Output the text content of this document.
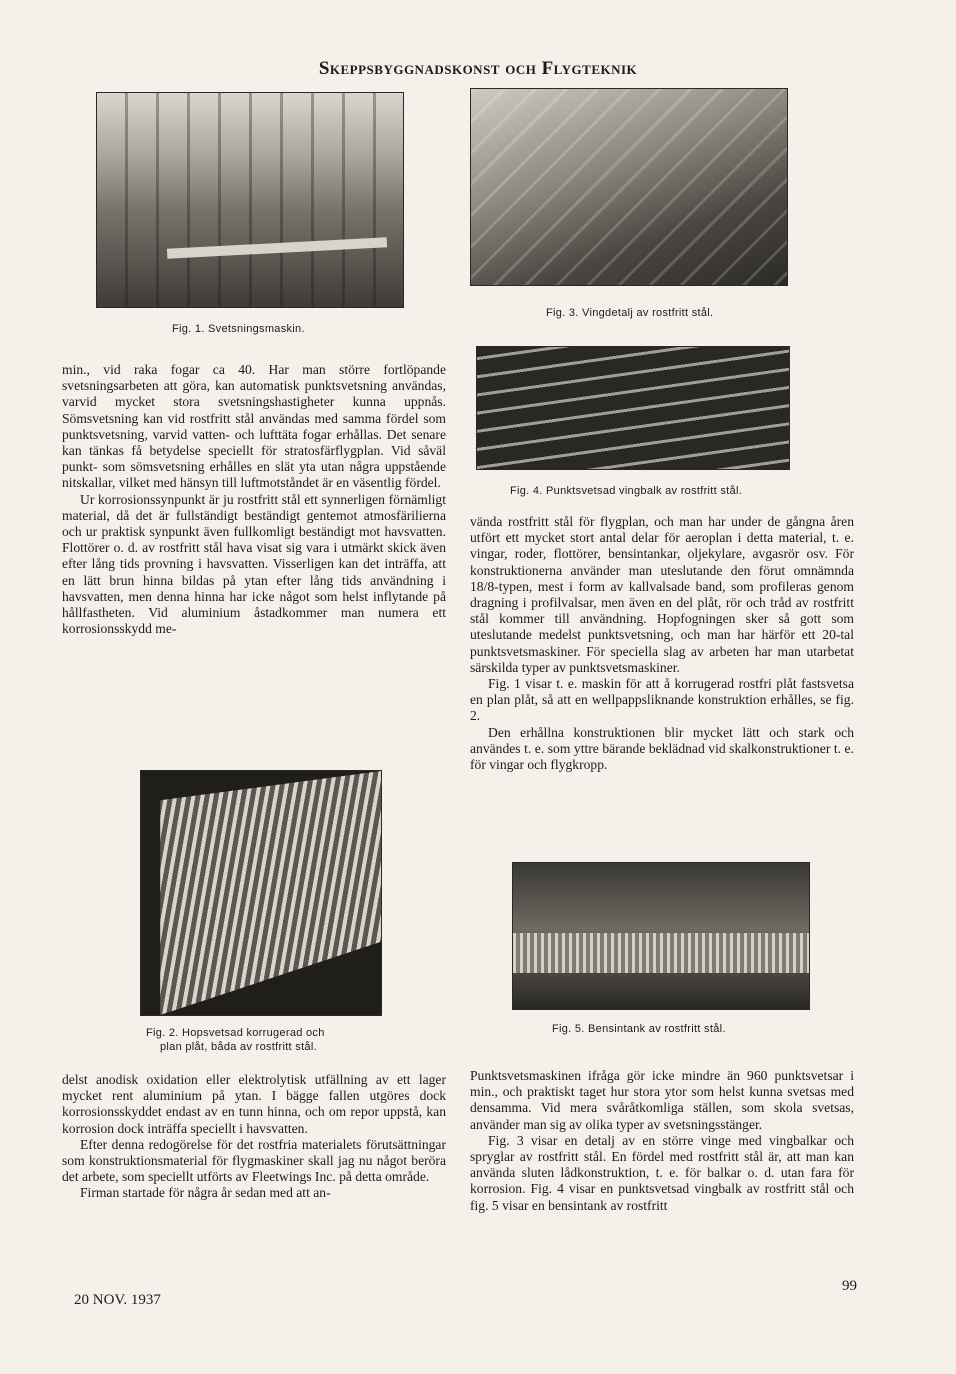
Skeppsbyggnadskonst och Flygteknik
Fig. 1. Svetsningsmaskin.
Fig. 3. Vingdetalj av rostfritt stål.
Fig. 4. Punktsvetsad vingbalk av rostfritt stål.

min., vid raka fogar ca 40. Har man större fortlöpande svetsningsarbeten att göra, kan automatisk punktsvetsning användas, varvid mycket stora svetsningshastigheter kunna uppnås. Sömsvetsning kan vid rostfritt stål användas med samma fördel som punktsvetsning, varvid vatten- och lufttäta fogar erhållas. Det senare kan tänkas få betydelse speciellt för stratosfärflygplan. Vid såväl punkt- som sömsvetsning erhålles en slät yta utan några uppstående nitskallar, vilket med hänsyn till luftmotståndet är en väsentlig fördel.

Ur korrosionssynpunkt är ju rostfritt stål ett synnerligen förnämligt material, då det är fullständigt beständigt gentemot atmosfärilierna och ur praktisk synpunkt även fullkomligt beständigt mot havsvatten. Flottörer o. d. av rostfritt stål hava visat sig vara i utmärkt skick även efter lång tids provning i havsvatten. Visserligen kan det inträffa, att en lätt brun hinna bildas på ytan efter lång tids användning i havsvatten, men denna hinna har icke något som helst inflytande på hållfastheten. Vid aluminium åstadkommer man numera ett korrosionsskydd me-

vända rostfritt stål för flygplan, och man har under de gångna åren utfört ett mycket stort antal delar för aeroplan i detta material, t. e. vingar, roder, flottörer, bensintankar, oljekylare, avgasrör osv. För konstruktionerna använder man uteslutande den förut omnämnda 18/8-typen, mest i form av kallvalsade band, som profileras genom dragning i profilvalsar, men även en del plåt, rör och tråd av rostfritt stål kommer till användning. Hopfogningen sker så gott som uteslutande medelst punktsvetsning, och man har härför ett 20-tal punktsvetsmaskiner. För speciella slag av arbeten har man utarbetat särskilda typer av punktsvetsmaskiner.

Fig. 1 visar t. e. maskin för att å korrugerad rostfri plåt fastsvetsa en plan plåt, så att en wellpappsliknande konstruktion erhålles, se fig. 2.

Den erhållna konstruktionen blir mycket lätt och stark och användes t. e. som yttre bärande beklädnad vid skalkonstruktioner t. e. för vingar och flygkropp.

Fig. 2. Hopsvetsad korrugerad och
plan plåt, båda av rostfritt stål.
Fig. 5. Bensintank av rostfritt stål.

delst anodisk oxidation eller elektrolytisk utfällning av ett lager mycket rent aluminium på ytan. I bägge fallen utgöres dock korrosionsskyddet endast av en tunn hinna, och om repor uppstå, kan korrosion dock inträffa speciellt i havsvatten.

Efter denna redogörelse för det rostfria materialets förutsättningar som konstruktionsmaterial för flygmaskiner skall jag nu något beröra det arbete, som speciellt utförts av Fleetwings Inc. på detta område.

Firman startade för några år sedan med att an-

Punktsvetsmaskinen ifråga gör icke mindre än 960 punktsvetsar i min., och praktiskt taget hur stora ytor som helst kunna svetsas med densamma. Vid mera svåråtkomliga ställen, som skola svetsas, använder man sig av olika typer av svetsningsstänger.

Fig. 3 visar en detalj av en större vinge med vingbalkar och spryglar av rostfritt stål. En fördel med rostfritt stål är, att man kan använda sluten lådkonstruktion, t. e. för balkar o. d. utan fara för korrosion. Fig. 4 visar en punktsvetsad vingbalk av rostfritt stål och fig. 5 visar en bensintank av rostfritt

20 NOV. 1937
99
